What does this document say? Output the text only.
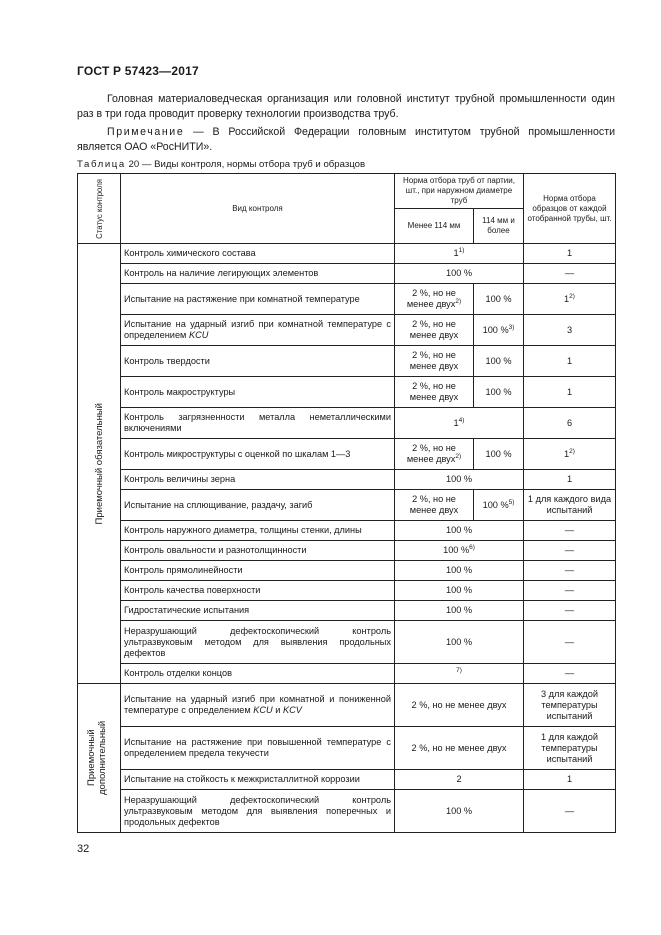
ГОСТ Р 57423—2017
Головная материаловедческая организация или головной институт трубной промышленности один раз в три года проводит проверку технологии производства труб.
Примечание — В Российской Федерации головным институтом трубной промышленности является ОАО «РосНИТИ».
Таблица 20 — Виды контроля, нормы отбора труб и образцов
Статус контроля	Вид контроля	Норма отбора труб от партии, шт., при наружном диаметре труб		Норма отбора образцов от каждой отобранной трубы, шт.
		Менее 114 мм	114 мм и более	

Приемочный обязательный	Контроль химического состава	1$^{1)}$		1
	Контроль на наличие легирующих элементов	100 %		—
	Испытание на растяжение при комнатной температуре	2 %, но не менее двух$^{2)}$	100 %	1$^{2)}$
	Испытание на ударный изгиб при комнатной температуре с определением KCU	2 %, но не менее двух	100 %$^{3)}$	3
	Контроль твердости	2 %, но не менее двух	100 %	1
	Контроль макроструктуры	2 %, но не менее двух	100 %	1
	Контроль загрязненности металла неметаллическими включениями	1$^{4)}$		6
	Контроль микроструктуры с оценкой по шкалам 1—3	2 %, но не менее двух$^{2)}$	100 %	1$^{2)}$
	Контроль величины зерна	100 %		1
	Испытание на сплющивание, раздачу, загиб	2 %, но не менее двух	100 %$^{5)}$	1 для каждого вида испытаний
	Контроль наружного диаметра, толщины стенки, длины	100 %		—
	Контроль овальности и разнотолщинности	100 %$^{6)}$		—
	Контроль прямолинейности	100 %		—
	Контроль качества поверхности	100 %		—
	Гидростатические испытания	100 %		—
	Неразрушающий дефектоскопический контроль ультразвуковым методом для выявления продольных дефектов	100 %		—
	Контроль отделки концов	$^{7)}$		—

Приемочный дополнительный	Испытание на ударный изгиб при комнатной и пониженной температуре с определением KCU и KCV	2 %, но не менее двух		3 для каждой температуры испытаний
	Испытание на растяжение при повышенной температуре с определением предела текучести	2 %, но не менее двух		1 для каждой температуры испытаний
	Испытание на стойкость к межкристаллитной коррозии	2		1
	Неразрушающий дефектоскопический контроль ультразвуковым методом для выявления поперечных и продольных дефектов	100 %		—
32
